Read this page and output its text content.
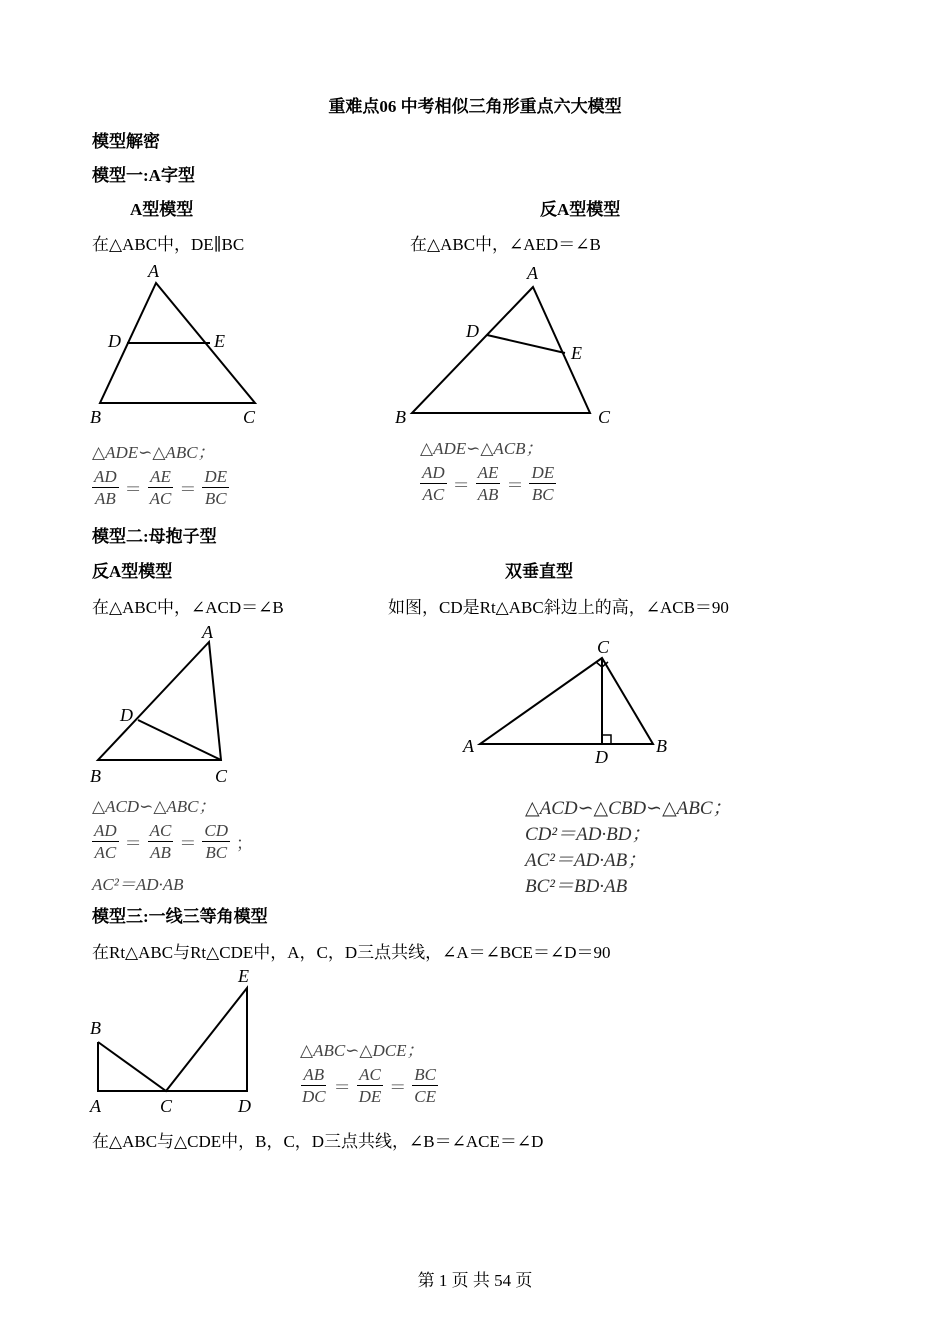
重难点06 中考相似三角形重点六大模型
模型解密
模型一:A字型
A型模型	反A型模型
在△ABC中，DE∥BC	在△ABC中，∠AED＝∠B
A
D	E
B	C
A
D
E
B	C
△ADE∽△ABC；
$\frac{AD}{AB} = \frac{AE}{AC} = \frac{DE}{BC}$
△ADE∽△ACB；
$\frac{AD}{AC} = \frac{AE}{AB} = \frac{DE}{BC}$
模型二:母抱子型
反A型模型	双垂直型
在△ABC中，∠ACD＝∠B	如图，CD是Rt△ABC斜边上的高，∠ACB＝90
A
D
B	C
C
A
D
B
△ACD∽△ABC；
$\frac{AD}{AC} = \frac{AC}{AB} = \frac{CD}{BC}$ ；
AC²＝AD·AB
△ACD∽△CBD∽△ABC；
CD²＝AD·BD；
AC²＝AD·AB；
BC²＝BD·AB
模型三:一线三等角模型
在Rt△ABC与Rt△CDE中，A，C，D三点共线，∠A＝∠BCE＝∠D＝90
B
A	C	D
E
△ABC∽△DCE；
$\frac{AB}{DC} = \frac{AC}{DE} = \frac{BC}{CE}$
在△ABC与△CDE中，B，C，D三点共线，∠B＝∠ACE＝∠D
第 1 页 共 54 页
